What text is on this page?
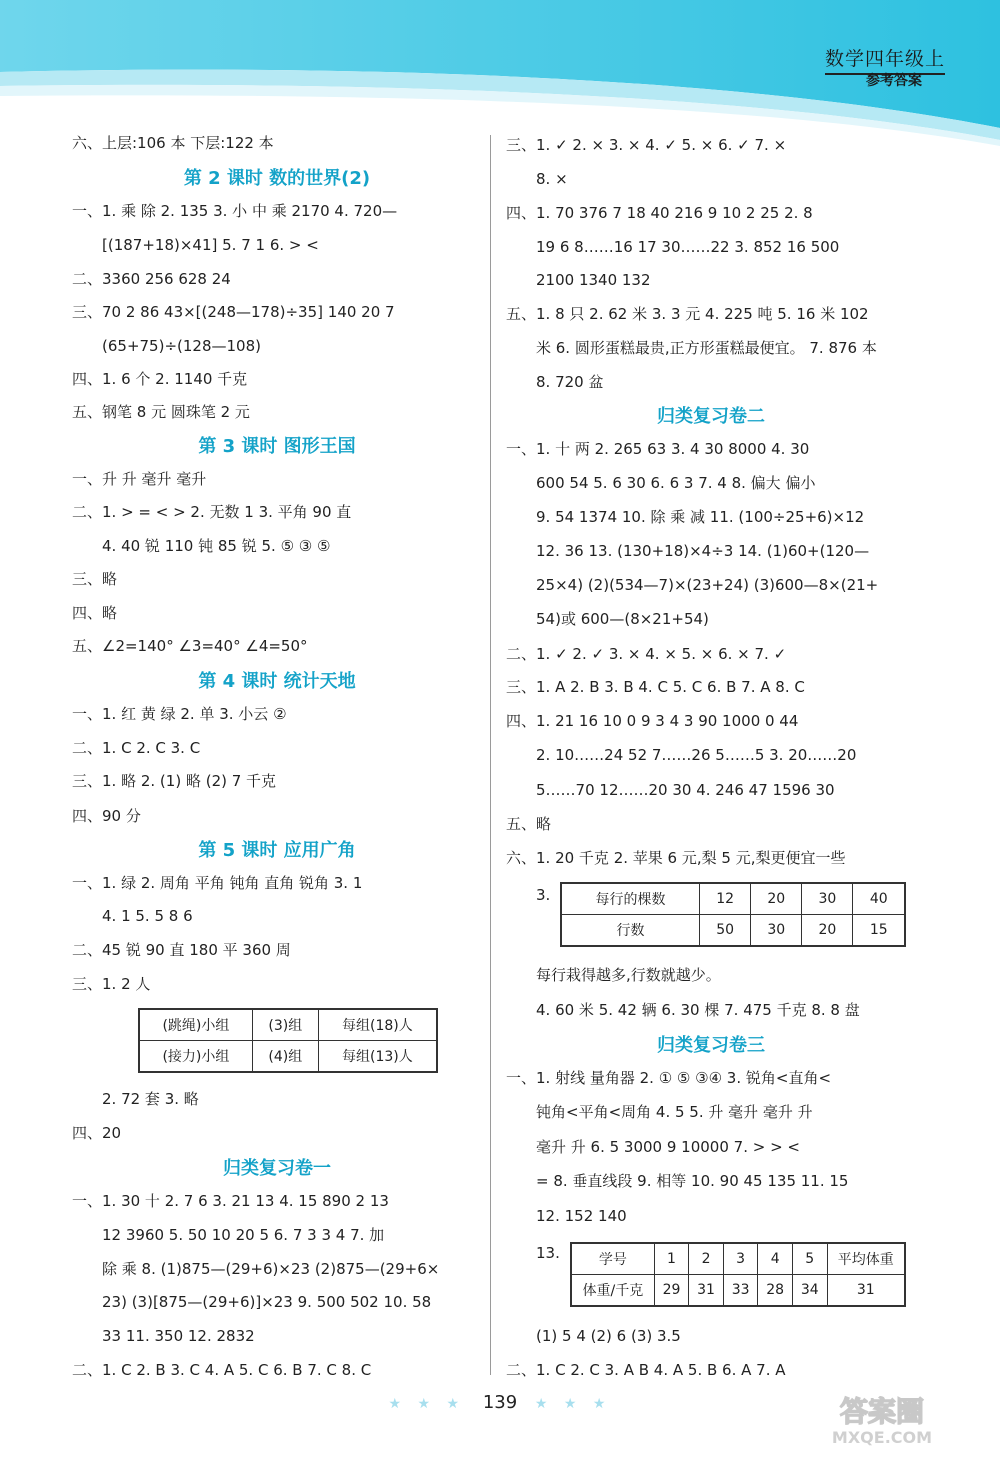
数学四年级上
参考答案
六、上层:106 本 下层:122 本
第 2 课时 数的世界(2)
一、1. 乘 除 2. 135 3. 小 中 乘 2170 4. 720—
[(187+18)×41] 5. 7 1 6. > <
二、3360 256 628 24
三、70 2 86 43×[(248—178)÷35] 140 20 7
(65+75)÷(128—108)
四、1. 6 个 2. 1140 千克
五、钢笔 8 元 圆珠笔 2 元
第 3 课时 图形王国
一、升 升 毫升 毫升
二、1. > = < > 2. 无数 1 3. 平角 90 直
4. 40 锐 110 钝 85 锐 5. ⑤ ③ ⑤
三、略
四、略
五、∠2=140° ∠3=40° ∠4=50°
第 4 课时 统计天地
一、1. 红 黄 绿 2. 单 3. 小云 ②
二、1. C 2. C 3. C
三、1. 略 2. (1) 略 (2) 7 千克
四、90 分
第 5 课时 应用广角
一、1. 绿 2. 周角 平角 钝角 直角 锐角 3. 1
4. 1 5. 5 8 6
二、45 锐 90 直 180 平 360 周
三、1. 2 人
(跳绳)小组	(3)组	每组(18)人
(接力)小组	(4)组	每组(13)人
2. 72 套 3. 略
四、20
归类复习卷一
一、1. 30 十 2. 7 6 3. 21 13 4. 15 890 2 13
12 3960 5. 50 10 20 5 6. 7 3 3 4 7. 加
除 乘 8. (1)875—(29+6)×23 (2)875—(29+6×
23) (3)[875—(29+6)]×23 9. 500 502 10. 58
33 11. 350 12. 2832
二、1. C 2. B 3. C 4. A 5. C 6. B 7. C 8. C
三、1. ✓ 2. × 3. × 4. ✓ 5. × 6. ✓ 7. ×
8. ×
四、1. 70 376 7 18 40 216 9 10 2 25 2. 8
19 6 8……16 17 30……22 3. 852 16 500
2100 1340 132
五、1. 8 只 2. 62 米 3. 3 元 4. 225 吨 5. 16 米 102
米 6. 圆形蛋糕最贵,正方形蛋糕最便宜。 7. 876 本
8. 720 盆
归类复习卷二
一、1. 十 两 2. 265 63 3. 4 30 8000 4. 30
600 54 5. 6 30 6. 6 3 7. 4 8. 偏大 偏小
9. 54 1374 10. 除 乘 减 11. (100÷25+6)×12
12. 36 13. (130+18)×4÷3 14. (1)60+(120—
25×4) (2)(534—7)×(23+24) (3)600—8×(21+
54)或 600—(8×21+54)
二、1. ✓ 2. ✓ 3. × 4. × 5. × 6. × 7. ✓
三、1. A 2. B 3. B 4. C 5. C 6. B 7. A 8. C
四、1. 21 16 10 0 9 3 4 3 90 1000 0 44
2. 10……24 52 7……26 5……5 3. 20……20
5……70 12……20 30 4. 246 47 1596 30
五、略
六、1. 20 千克 2. 苹果 6 元,梨 5 元,梨更便宜一些
3.	每行的棵数	12	20	30	40
行数	50	30	20	15
每行栽得越多,行数就越少。
4. 60 米 5. 42 辆 6. 30 棵 7. 475 千克 8. 8 盘
归类复习卷三
一、1. 射线 量角器 2. ① ⑤ ③④ 3. 锐角<直角<
钝角<平角<周角 4. 5 5. 升 毫升 毫升 升
毫升 升 6. 5 3000 9 10000 7. > > <
= 8. 垂直线段 9. 相等 10. 90 45 135 11. 15
12. 152 140
13.	学号	1	2	3	4	5	平均体重
体重/千克	29	31	33	28	34	31
(1) 5 4 (2) 6 (3) 3.5
二、1. C 2. C 3. A B 4. A 5. B 6. A 7. A
★ ★ ★ 139 ★ ★ ★	答案圈
MXQE.COM
